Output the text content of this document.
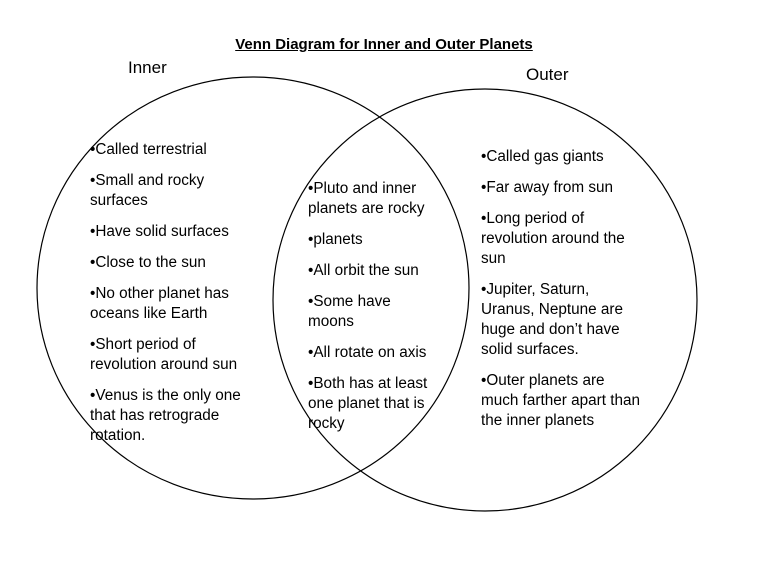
Venn Diagram for Inner and Outer Planets
Inner	Outer
•Called terrestrial
•Small and rocky
surfaces
•Have solid surfaces
•Close to the sun
•No other planet has
oceans like Earth
•Short period of
revolution around sun
•Venus is the only one
that has retrograde
rotation.
•Pluto and inner
planets are rocky
•planets
•All orbit the sun
•Some have
moons
•All rotate on axis
•Both has at least
one planet that is
rocky
•Called gas giants
•Far away from sun
•Long period of
revolution around the
sun
•Jupiter, Saturn,
Uranus, Neptune are
huge and don’t have
solid surfaces.
•Outer planets are
much farther apart than
the inner planets
